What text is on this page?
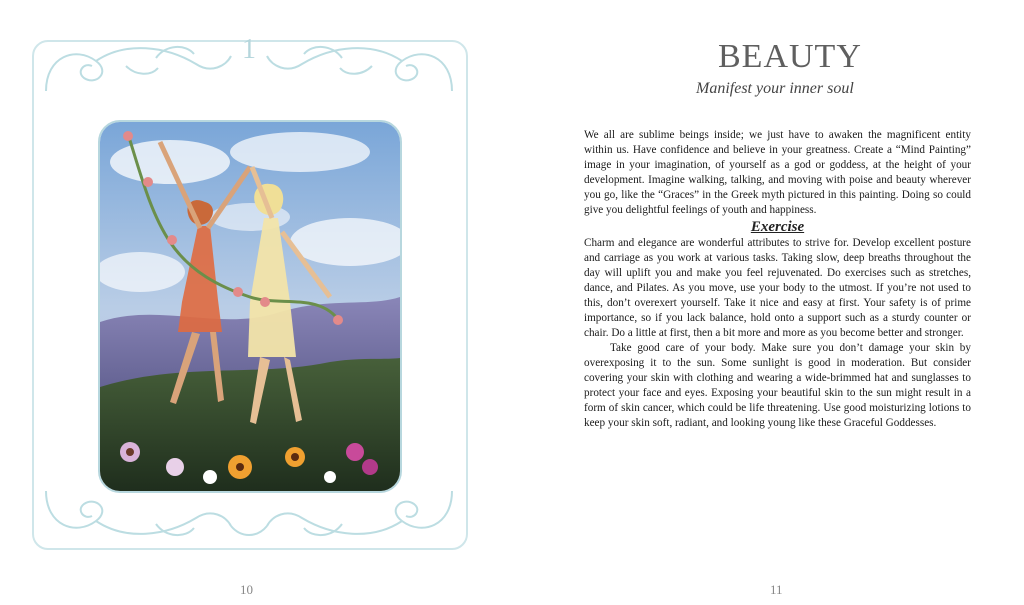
1
10
BEAUTY
Manifest your inner soul

We all are sublime beings inside; we just have to awaken the magnificent entity within us. Have confidence and believe in your greatness. Create a “Mind Painting” image in your imagination, of yourself as a god or goddess, at the height of your development. Imagine walking, talking, and moving with poise and beauty wherever you go, like the “Graces” in the Greek myth pictured in this painting. Doing so could give you delightful feelings of youth and happiness.

Exercise

Charm and elegance are wonderful attributes to strive for. Develop excellent posture and carriage as you work at various tasks. Taking slow, deep breaths throughout the day will uplift you and make you feel rejuvenated. Do exercises such as stretches, dance, and Pilates. As you move, use your body to the utmost. If you’re not used to this, don’t overexert yourself. Take it nice and easy at first. Your safety is of prime importance, so if you lack balance, hold onto a support such as a sturdy counter or chair. Do a little at first, then a bit more and more as you become better and stronger.

Take good care of your body. Make sure you don’t damage your skin by overexposing it to the sun. Some sunlight is good in moderation. But consider covering your skin with clothing and wearing a wide-brimmed hat and sunglasses to protect your face and eyes. Exposing your beautiful skin to the sun might result in a form of skin cancer, which could be life threatening. Use good moisturizing lotions to keep your skin soft, radiant, and looking young like these Graceful Goddesses.

11
